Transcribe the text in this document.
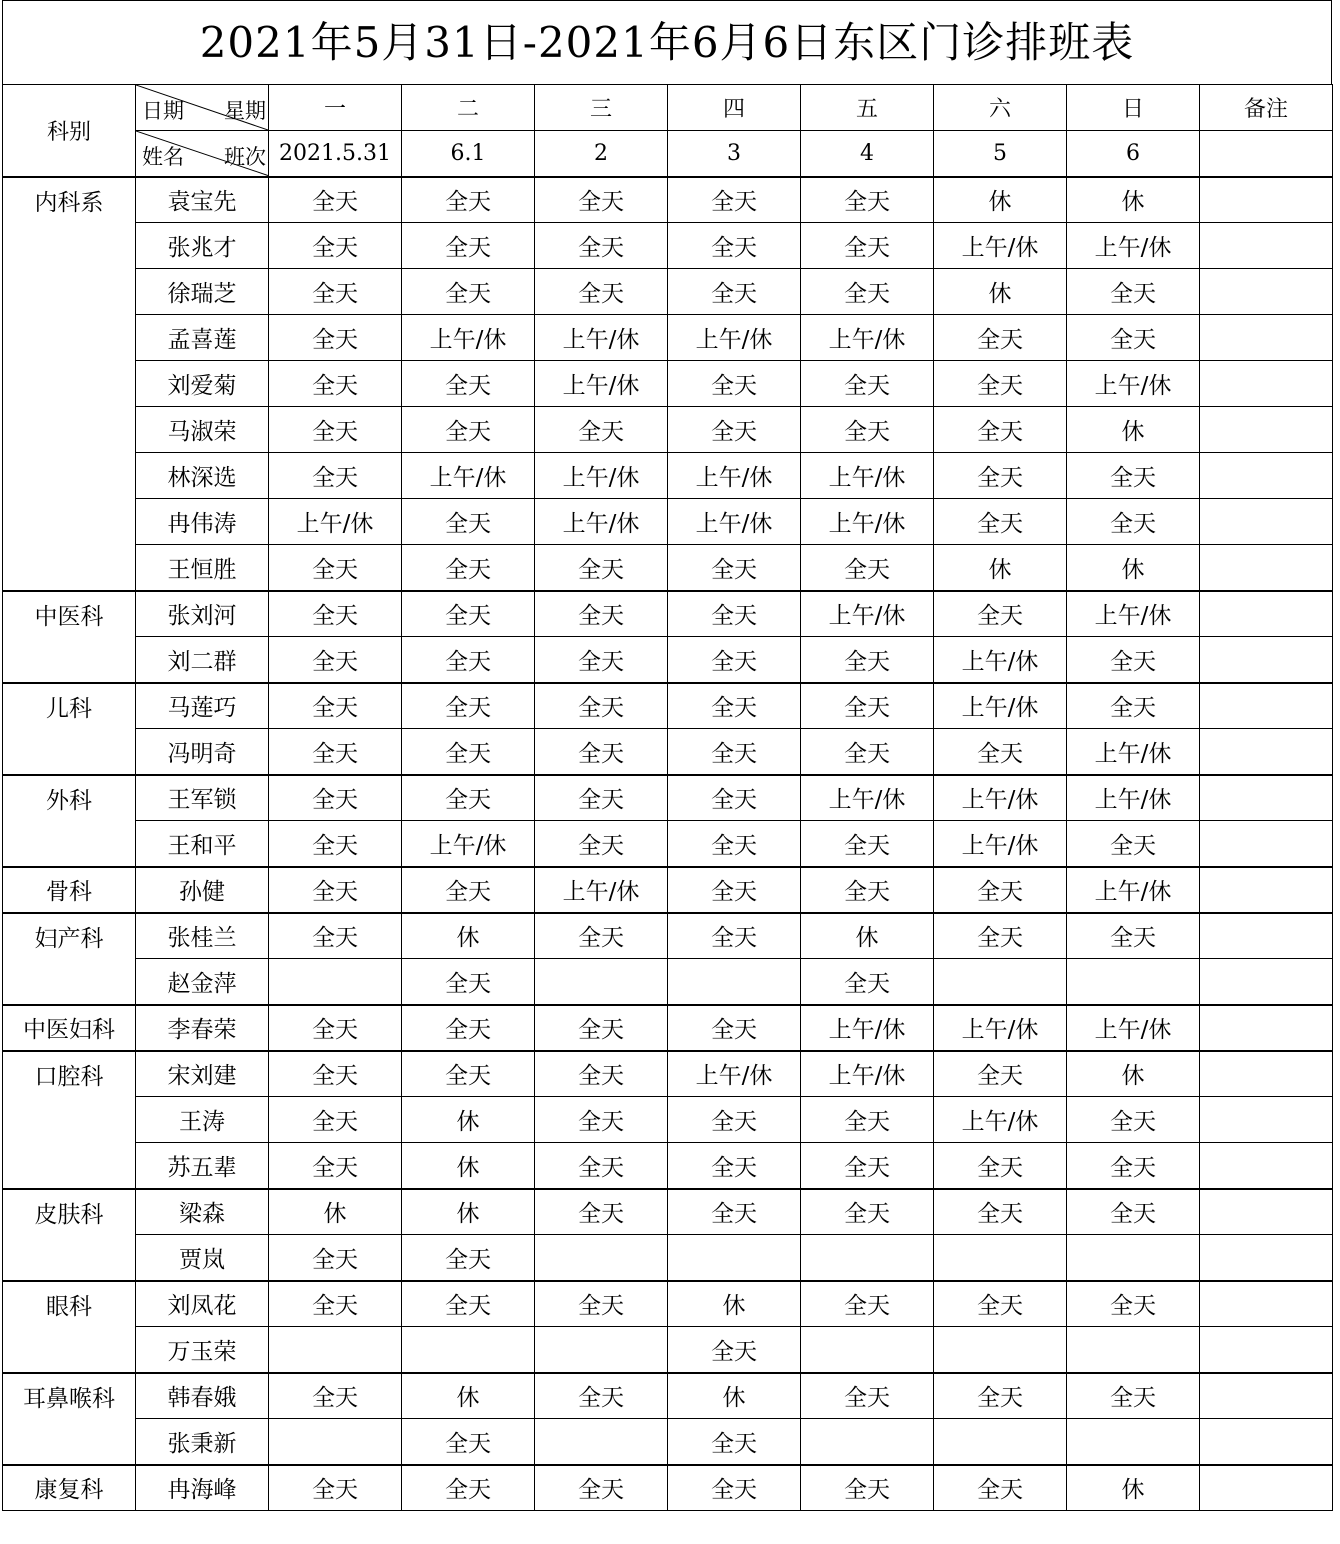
2021年5月31日-2021年6月6日东区门诊排班表
科别	日期 星期	一	二	三	四	五	六	日	备注

	姓名 班次	2021.5.31	6.1	2	3	4	5	6	
内科系	袁宝先	全天	全天	全天	全天	全天	休	休	
	张兆才	全天	全天	全天	全天	全天	上午/休	上午/休	
	徐瑞芝	全天	全天	全天	全天	全天	休	全天	
	孟喜莲	全天	上午/休	上午/休	上午/休	上午/休	全天	全天	
	刘爱菊	全天	全天	上午/休	全天	全天	全天	上午/休	
	马淑荣	全天	全天	全天	全天	全天	全天	休	
	林深选	全天	上午/休	上午/休	上午/休	上午/休	全天	全天	
	冉伟涛	上午/休	全天	上午/休	上午/休	上午/休	全天	全天	
	王恒胜	全天	全天	全天	全天	全天	休	休	
中医科	张刘河	全天	全天	全天	全天	上午/休	全天	上午/休	
	刘二群	全天	全天	全天	全天	全天	上午/休	全天	
儿科	马莲巧	全天	全天	全天	全天	全天	上午/休	全天	
	冯明奇	全天	全天	全天	全天	全天	全天	上午/休	
外科	王军锁	全天	全天	全天	全天	上午/休	上午/休	上午/休	
	王和平	全天	上午/休	全天	全天	全天	上午/休	全天	
骨科	孙健	全天	全天	上午/休	全天	全天	全天	上午/休	
妇产科	张桂兰	全天	休	全天	全天	休	全天	全天	
	赵金萍		全天			全天			
中医妇科	李春荣	全天	全天	全天	全天	上午/休	上午/休	上午/休	
口腔科	宋刘建	全天	全天	全天	上午/休	上午/休	全天	休	
	王涛	全天	休	全天	全天	全天	上午/休	全天	
	苏五辈	全天	休	全天	全天	全天	全天	全天	
皮肤科	梁森	休	休	全天	全天	全天	全天	全天	
	贾岚	全天	全天						
眼科	刘凤花	全天	全天	全天	休	全天	全天	全天	
	万玉荣				全天				
耳鼻喉科	韩春娥	全天	休	全天	休	全天	全天	全天	
	张秉新		全天		全天				
康复科	冉海峰	全天	全天	全天	全天	全天	全天	休	
